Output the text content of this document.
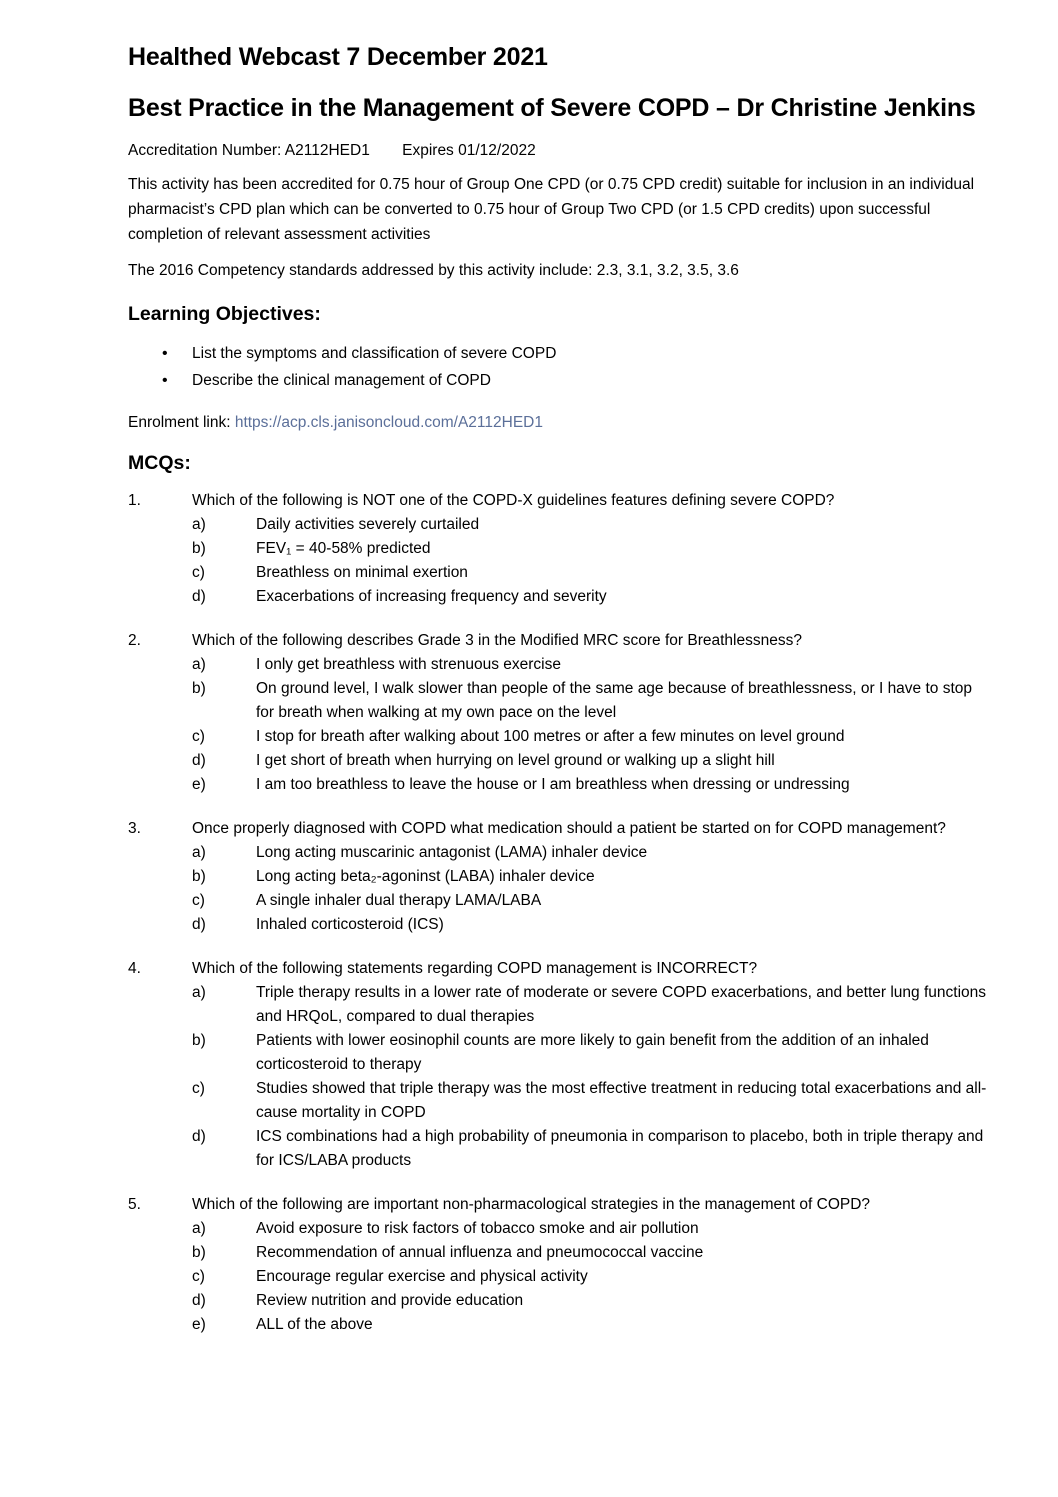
Healthed Webcast 7 December 2021
Best Practice in the Management of Severe COPD – Dr Christine Jenkins
Accreditation Number: A2112HED1 Expires 01/12/2022
This activity has been accredited for 0.75 hour of Group One CPD (or 0.75 CPD credit) suitable for inclusion in an individual pharmacist’s CPD plan which can be converted to 0.75 hour of Group Two CPD (or 1.5 CPD credits) upon successful completion of relevant assessment activities
The 2016 Competency standards addressed by this activity include: 2.3, 3.1, 3.2, 3.5, 3.6
Learning Objectives:
• List the symptoms and classification of severe COPD
• Describe the clinical management of COPD
Enrolment link: https://acp.cls.janisoncloud.com/A2112HED1
MCQs:
1.	Which of the following is NOT one of the COPD-X guidelines features defining severe COPD?
a)	Daily activities severely curtailed
b)	FEV₁ = 40-58% predicted
c)	Breathless on minimal exertion
d)	Exacerbations of increasing frequency and severity
2.	Which of the following describes Grade 3 in the Modified MRC score for Breathlessness?
a)	I only get breathless with strenuous exercise
b)	On ground level, I walk slower than people of the same age because of breathlessness, or I have to stop for breath when walking at my own pace on the level
c)	I stop for breath after walking about 100 metres or after a few minutes on level ground
d)	I get short of breath when hurrying on level ground or walking up a slight hill
e)	I am too breathless to leave the house or I am breathless when dressing or undressing
3.	Once properly diagnosed with COPD what medication should a patient be started on for COPD management?
a)	Long acting muscarinic antagonist (LAMA) inhaler device
b)	Long acting beta₂-agoninst (LABA) inhaler device
c)	A single inhaler dual therapy LAMA/LABA
d)	Inhaled corticosteroid (ICS)
4.	Which of the following statements regarding COPD management is INCORRECT?
a)	Triple therapy results in a lower rate of moderate or severe COPD exacerbations, and better lung functions and HRQoL, compared to dual therapies
b)	Patients with lower eosinophil counts are more likely to gain benefit from the addition of an inhaled corticosteroid to therapy
c)	Studies showed that triple therapy was the most effective treatment in reducing total exacerbations and all-cause mortality in COPD
d)	ICS combinations had a high probability of pneumonia in comparison to placebo, both in triple therapy and for ICS/LABA products
5.	Which of the following are important non-pharmacological strategies in the management of COPD?
a)	Avoid exposure to risk factors of tobacco smoke and air pollution
b)	Recommendation of annual influenza and pneumococcal vaccine
c)	Encourage regular exercise and physical activity
d)	Review nutrition and provide education
e)	ALL of the above
